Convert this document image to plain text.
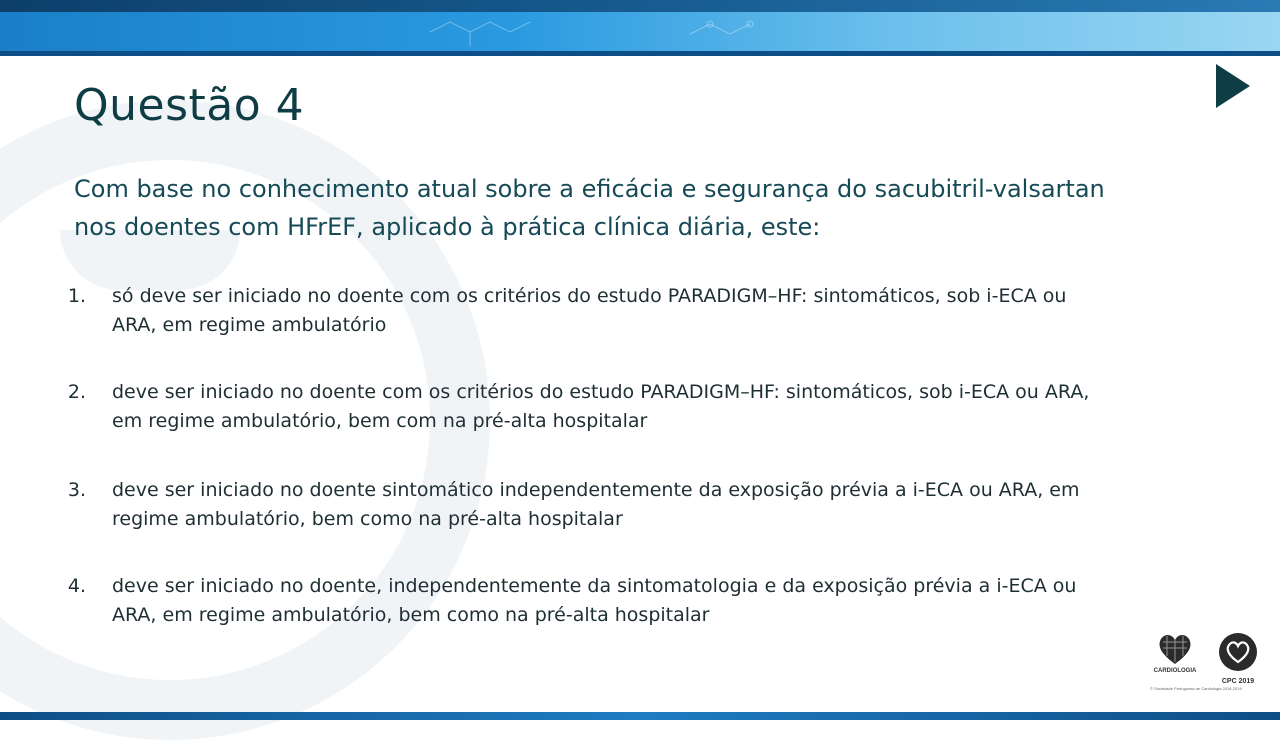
Questão 4

Com base no conhecimento atual sobre a eficácia e segurança do sacubitril-valsartan nos doentes com HFrEF, aplicado à prática clínica diária, este:

1. só deve ser iniciado no doente com os critérios do estudo PARADIGM–HF: sintomáticos, sob i-ECA ou ARA, em regime ambulatório
2. deve ser iniciado no doente com os critérios do estudo PARADIGM–HF: sintomáticos, sob i-ECA ou ARA, em regime ambulatório, bem com na pré-alta hospitalar
3. deve ser iniciado no doente sintomático independentemente da exposição prévia a i-ECA ou ARA, em regime ambulatório, bem como na pré-alta hospitalar
4. deve ser iniciado no doente, independentemente da sintomatologia e da exposição prévia a i-ECA ou ARA, em regime ambulatório, bem como na pré-alta hospitalar
CARDIOLOGIA
CPC 2019
© Sociedade Portuguesa de Cardiologia 2018-2019
